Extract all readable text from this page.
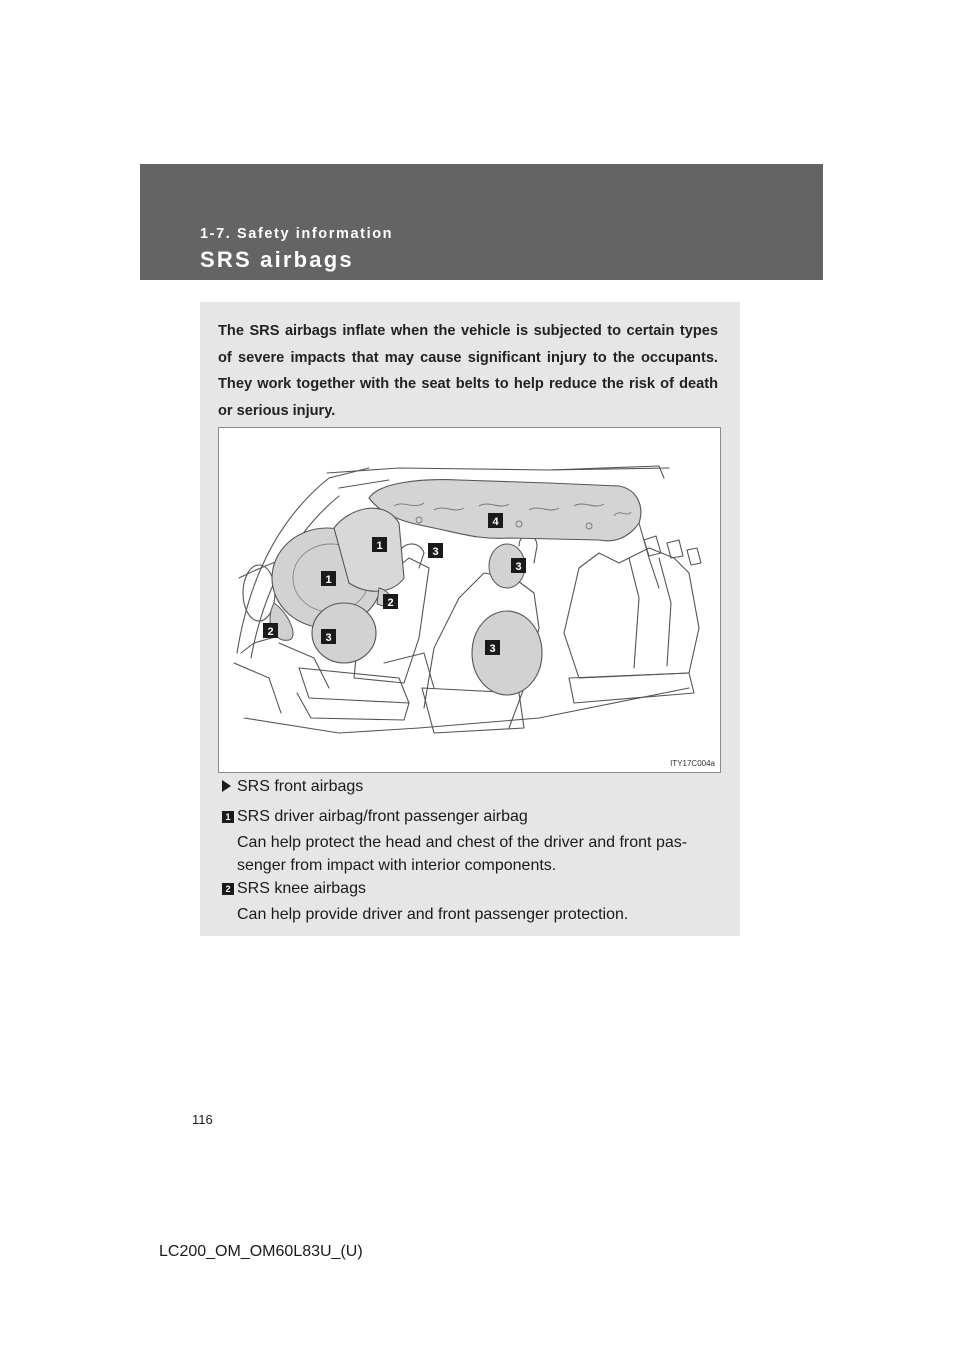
1-7. Safety information
SRS airbags
The SRS airbags inflate when the vehicle is subjected to certain types of severe impacts that may cause significant injury to the occupants. They work together with the seat belts to help reduce the risk of death or serious injury.
1
1
2
2	3
3
3
3
4
ITY17C004a
SRS front airbags
1 SRS driver airbag/front passenger airbag
Can help protect the head and chest of the driver and front pas-
senger from impact with interior components.
2 SRS knee airbags
Can help provide driver and front passenger protection.
116
LC200_OM_OM60L83U_(U)
